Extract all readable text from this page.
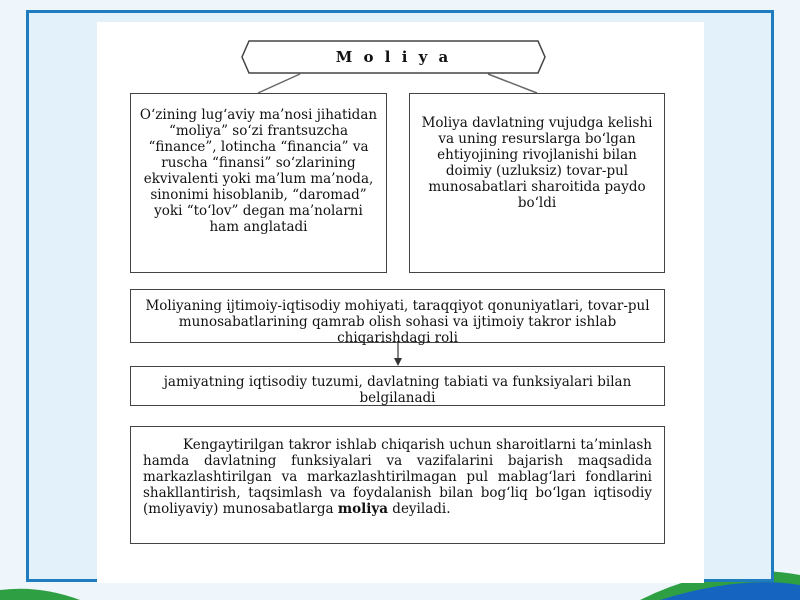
M o l i y a
O‘zining lug‘aviy ma’nosi jihatidan “moliya” so‘zi frantsuzcha “finance”, lotincha “financia” va ruscha “finansi” so‘zlarining ekvivalenti yoki ma’lum ma’noda, sinonimi hisoblanib, “daromad” yoki “to‘lov” degan ma’nolarni ham anglatadi
Moliya davlatning vujudga kelishi va uning resurslarga bo‘lgan ehtiyojining rivojlanishi bilan doimiy (uzluksiz) tovar-pul munosabatlari sharoitida paydo bo‘ldi
Moliyaning ijtimoiy-iqtisodiy mohiyati, taraqqiyot qonuniyatlari, tovar-pul munosabatlarining qamrab olish sohasi va ijtimoiy takror ishlab chiqarishdagi roli
jamiyatning iqtisodiy tuzumi, davlatning tabiati va funksiyalari bilan belgilanadi
Kengaytirilgan takror ishlab chiqarish uchun sharoitlarni ta’minlash hamda davlatning funksiyalari va vazifalarini bajarish maqsadida markazlashtirilgan va markazlashtirilmagan pul mablag‘lari fondlarini shakllantirish, taqsimlash va foydalanish bilan bog‘liq bo‘lgan iqtisodiy (moliyaviy) munosabatlarga moliya deyiladi.
